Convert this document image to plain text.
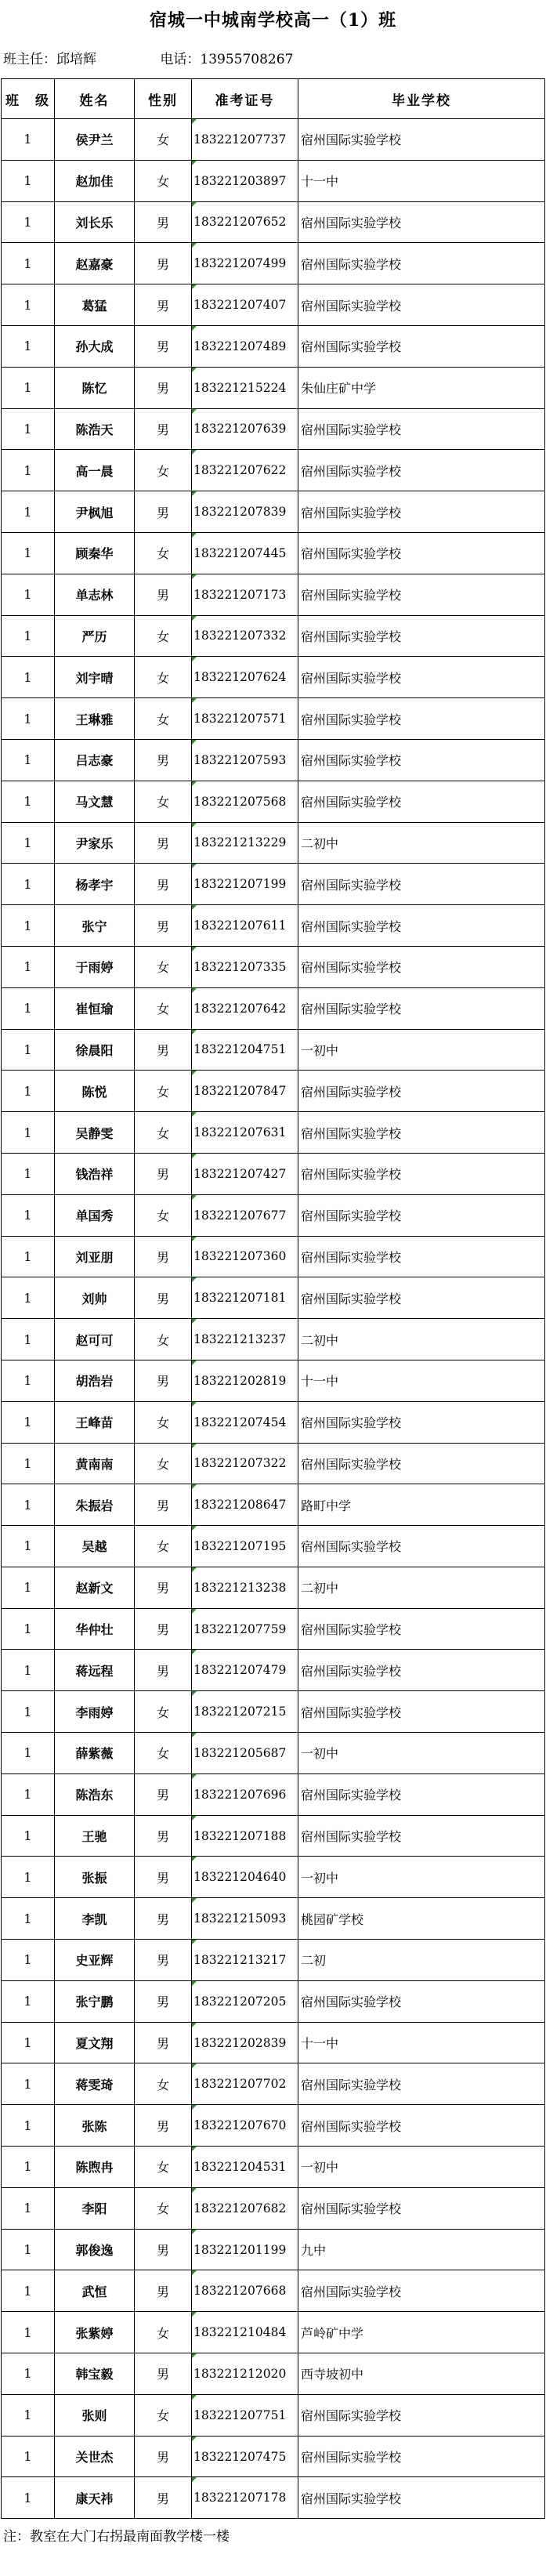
宿城一中城南学校高一（1）班
班主任：邱培辉	电话：13955708267
班　级	姓名	性别	准考证号	毕业学校
1	侯尹兰	女	183221207737	宿州国际实验学校
1	赵加佳	女	183221203897	十一中
1	刘长乐	男	183221207652	宿州国际实验学校
1	赵嘉豪	男	183221207499	宿州国际实验学校
1	葛猛	男	183221207407	宿州国际实验学校
1	孙大成	男	183221207489	宿州国际实验学校
1	陈忆	男	183221215224	朱仙庄矿中学
1	陈浩天	男	183221207639	宿州国际实验学校
1	高一晨	女	183221207622	宿州国际实验学校
1	尹枫旭	男	183221207839	宿州国际实验学校
1	顾秦华	女	183221207445	宿州国际实验学校
1	单志林	男	183221207173	宿州国际实验学校
1	严历	女	183221207332	宿州国际实验学校
1	刘宇晴	女	183221207624	宿州国际实验学校
1	王琳雅	女	183221207571	宿州国际实验学校
1	吕志豪	男	183221207593	宿州国际实验学校
1	马文慧	女	183221207568	宿州国际实验学校
1	尹家乐	男	183221213229	二初中
1	杨孝宇	男	183221207199	宿州国际实验学校
1	张宁	男	183221207611	宿州国际实验学校
1	于雨婷	女	183221207335	宿州国际实验学校
1	崔恒瑜	女	183221207642	宿州国际实验学校
1	徐晨阳	男	183221204751	一初中
1	陈悦	女	183221207847	宿州国际实验学校
1	吴静雯	女	183221207631	宿州国际实验学校
1	钱浩祥	男	183221207427	宿州国际实验学校
1	单国秀	女	183221207677	宿州国际实验学校
1	刘亚朋	男	183221207360	宿州国际实验学校
1	刘帅	男	183221207181	宿州国际实验学校
1	赵可可	女	183221213237	二初中
1	胡浩岩	男	183221202819	十一中
1	王峰苗	女	183221207454	宿州国际实验学校
1	黄南南	女	183221207322	宿州国际实验学校
1	朱振岩	男	183221208647	路町中学
1	吴越	女	183221207195	宿州国际实验学校
1	赵新文	男	183221213238	二初中
1	华仲壮	男	183221207759	宿州国际实验学校
1	蒋远程	男	183221207479	宿州国际实验学校
1	李雨婷	女	183221207215	宿州国际实验学校
1	薛紫薇	女	183221205687	一初中
1	陈浩东	男	183221207696	宿州国际实验学校
1	王驰	男	183221207188	宿州国际实验学校
1	张振	男	183221204640	一初中
1	李凯	男	183221215093	桃园矿学校
1	史亚辉	男	183221213217	二初
1	张宁鹏	男	183221207205	宿州国际实验学校
1	夏文翔	男	183221202839	十一中
1	蒋雯琦	女	183221207702	宿州国际实验学校
1	张陈	男	183221207670	宿州国际实验学校
1	陈煦冉	女	183221204531	一初中
1	李阳	女	183221207682	宿州国际实验学校
1	郭俊逸	男	183221201199	九中
1	武恒	男	183221207668	宿州国际实验学校
1	张紫婷	女	183221210484	芦岭矿中学
1	韩宝毅	男	183221212020	西寺坡初中
1	张则	女	183221207751	宿州国际实验学校
1	关世杰	男	183221207475	宿州国际实验学校
1	康天祎	男	183221207178	宿州国际实验学校
注：教室在大门右拐最南面教学楼一楼
